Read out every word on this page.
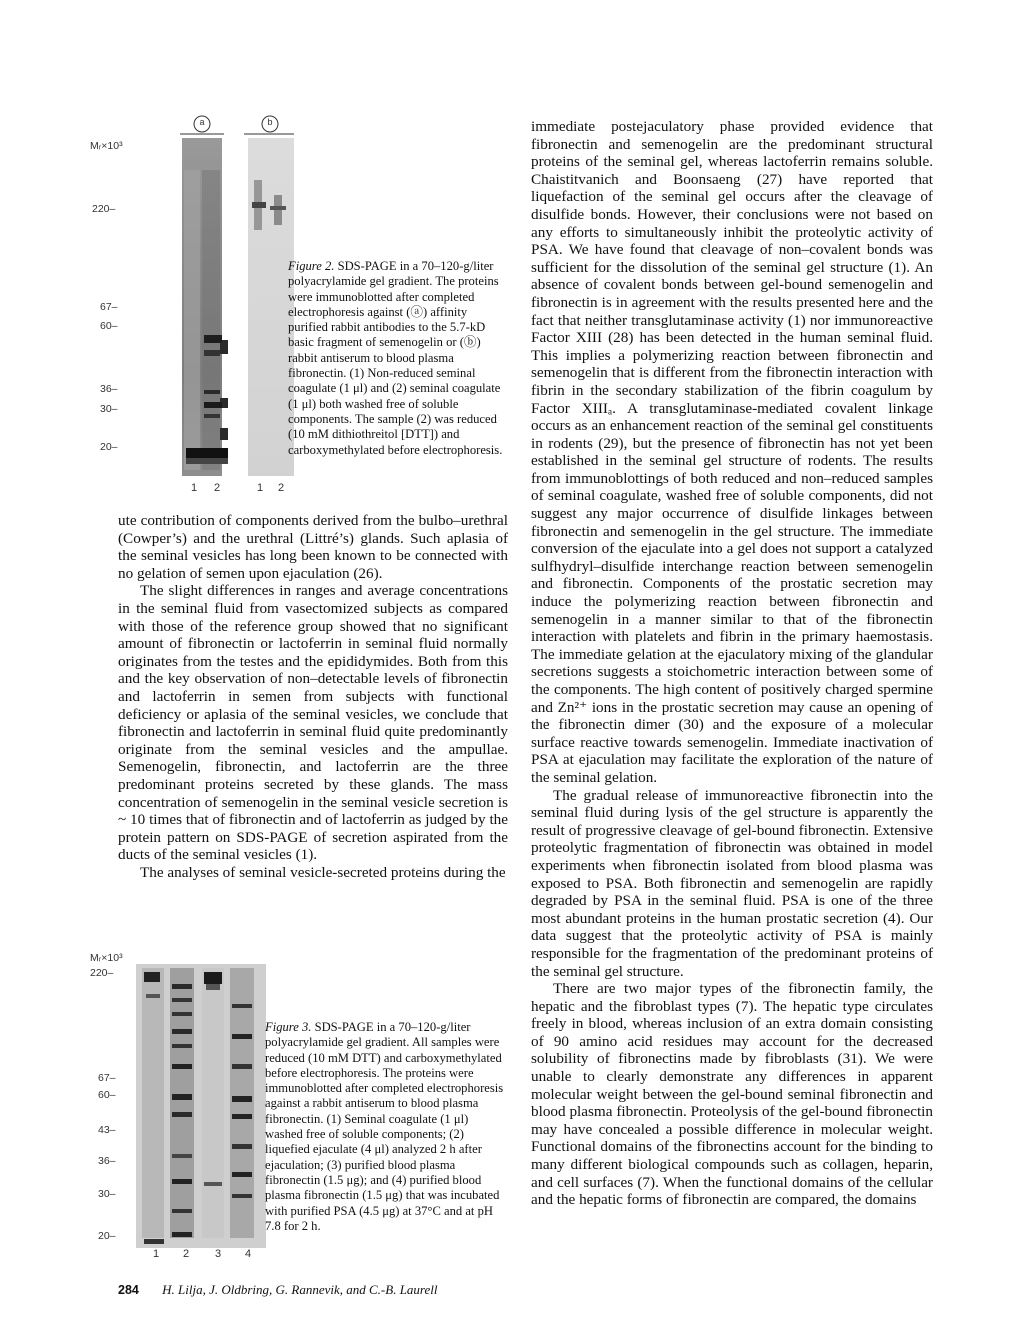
Mᵣ×10³
220–
67–
60–
36–
30–
20–
1 2	1 2
a	b
Figure 2. SDS-PAGE in a 70–120-g/liter polyacrylamide gel gradient. The proteins were immunoblotted after completed electrophoresis against (ⓐ) affinity purified rabbit antibodies to the 5.7-kD basic fragment of semenogelin or (ⓑ) rabbit antiserum to blood plasma fibronectin. (1) Non-reduced seminal coagulate (1 μl) and (2) seminal coagulate (1 μl) both washed free of soluble components. The sample (2) was reduced (10 mM dithiothreitol [DTT]) and carboxymethylated before electrophoresis.

ute contribution of components derived from the bulbo–urethral (Cowper’s) and the urethral (Littré’s) glands. Such aplasia of the seminal vesicles has long been known to be connected with no gelation of semen upon ejaculation (26).

The slight differences in ranges and average concentrations in the seminal fluid from vasectomized subjects as compared with those of the reference group showed that no significant amount of fibronectin or lactoferrin in seminal fluid normally originates from the testes and the epididymides. Both from this and the key observation of non–detectable levels of fibronectin and lactoferrin in semen from subjects with functional deficiency or aplasia of the seminal vesicles, we conclude that fibronectin and lactoferrin in seminal fluid quite predominantly originate from the seminal vesicles and the ampullae. Semenogelin, fibronectin, and lactoferrin are the three predominant proteins secreted by these glands. The mass concentration of semenogelin in the seminal vesicle secretion is ~ 10 times that of fibronectin and of lactoferrin as judged by the protein pattern on SDS-PAGE of secretion aspirated from the ducts of the seminal vesicles (1).

The analyses of seminal vesicle-secreted proteins during the

Mᵣ×10³
220–
67–
60–
43–
36–
30–
20–
1 2 3 4
Figure 3. SDS-PAGE in a 70–120-g/liter polyacrylamide gel gradient. All samples were reduced (10 mM DTT) and carboxymethylated before electrophoresis. The proteins were immunoblotted after completed electrophoresis against a rabbit antiserum to blood plasma fibronectin. (1) Seminal coagulate (1 μl) washed free of soluble components; (2) liquefied ejaculate (4 μl) analyzed 2 h after ejaculation; (3) purified blood plasma fibronectin (1.5 μg); and (4) purified blood plasma fibronectin (1.5 μg) that was incubated with purified PSA (4.5 μg) at 37°C and at pH 7.8 for 2 h.

immediate postejaculatory phase provided evidence that fibronectin and semenogelin are the predominant structural proteins of the seminal gel, whereas lactoferrin remains soluble. Chaistitvanich and Boonsaeng (27) have reported that liquefaction of the seminal gel occurs after the cleavage of disulfide bonds. However, their conclusions were not based on any efforts to simultaneously inhibit the proteolytic activity of PSA. We have found that cleavage of non–covalent bonds was sufficient for the dissolution of the seminal gel structure (1). An absence of covalent bonds between gel-bound semenogelin and fibronectin is in agreement with the results presented here and the fact that neither transglutaminase activity (1) nor immunoreactive Factor XIII (28) has been detected in the human seminal fluid. This implies a polymerizing reaction between fibronectin and semenogelin that is different from the fibronectin interaction with fibrin in the secondary stabilization of the fibrin coagulum by Factor XIIIₐ. A transglutaminase-mediated covalent linkage occurs as an enhancement reaction of the seminal gel constituents in rodents (29), but the presence of fibronectin has not yet been established in the seminal gel structure of rodents. The results from immunoblottings of both reduced and non–reduced samples of seminal coagulate, washed free of soluble components, did not suggest any major occurrence of disulfide linkages between fibronectin and semenogelin in the gel structure. The immediate conversion of the ejaculate into a gel does not support a catalyzed sulfhydryl–disulfide interchange reaction between semenogelin and fibronectin. Components of the prostatic secretion may induce the polymerizing reaction between fibronectin and semenogelin in a manner similar to that of the fibronectin interaction with platelets and fibrin in the primary haemostasis. The immediate gelation at the ejaculatory mixing of the glandular secretions suggests a stoichometric interaction between some of the components. The high content of positively charged spermine and Zn²⁺ ions in the prostatic secretion may cause an opening of the fibronectin dimer (30) and the exposure of a molecular surface reactive towards semenogelin. Immediate inactivation of PSA at ejaculation may facilitate the exploration of the nature of the seminal gelation.

The gradual release of immunoreactive fibronectin into the seminal fluid during lysis of the gel structure is apparently the result of progressive cleavage of gel-bound fibronectin. Extensive proteolytic fragmentation of fibronectin was obtained in model experiments when fibronectin isolated from blood plasma was exposed to PSA. Both fibronectin and semenogelin are rapidly degraded by PSA in the seminal fluid. PSA is one of the three most abundant proteins in the human prostatic secretion (4). Our data suggest that the proteolytic activity of PSA is mainly responsible for the fragmentation of the predominant proteins of the seminal gel structure.

There are two major types of the fibronectin family, the hepatic and the fibroblast types (7). The hepatic type circulates freely in blood, whereas inclusion of an extra domain consisting of 90 amino acid residues may account for the decreased solubility of fibronectins made by fibroblasts (31). We were unable to clearly demonstrate any differences in apparent molecular weight between the gel-bound seminal fibronectin and blood plasma fibronectin. Proteolysis of the gel-bound fibronectin may have concealed a possible difference in molecular weight. Functional domains of the fibronectins account for the binding to many different biological compounds such as collagen, heparin, and cell surfaces (7). When the functional domains of the cellular and the hepatic forms of fibronectin are compared, the domains

284 H. Lilja, J. Oldbring, G. Rannevik, and C.-B. Laurell
